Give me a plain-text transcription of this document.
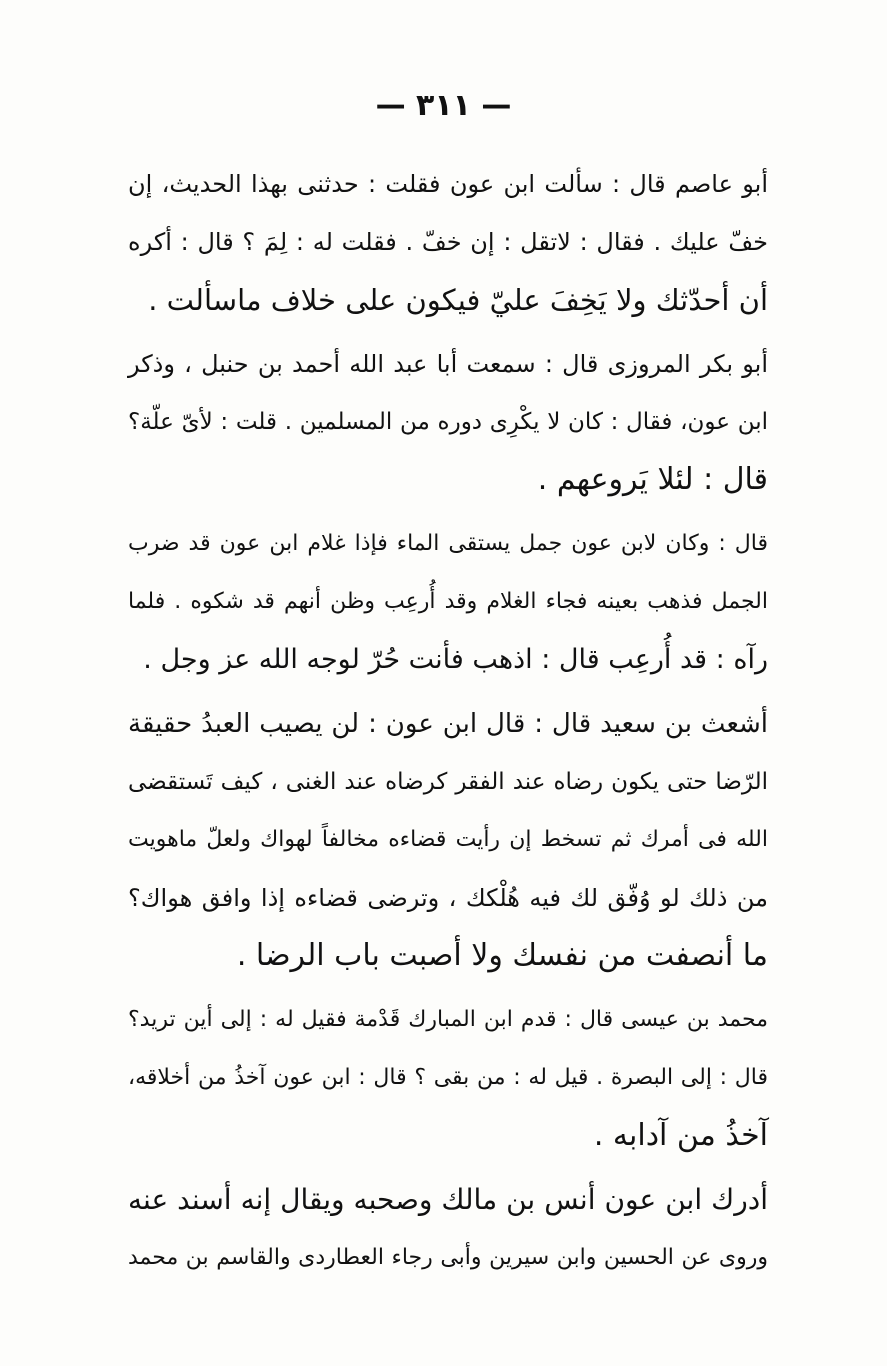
— ٣١١ —

أبو عاصم قال : سألت ابن عون فقلت : حدثنى بهذا الحديث، إن
خفّ عليك . فقال : لاتقل : إن خفّ . فقلت له : لِمَ ؟ قال : أكره
أن أحدّثك ولا يَخِفَ عليّ فيكون على خلاف ماسألت .

أبو بكر المروزى قال : سمعت أبا عبد الله أحمد بن حنبل ، وذكر
ابن عون، فقال : كان لا يكْرِى دوره من المسلمين . قلت : لأىّ علّة؟
قال : لئلا يَروعهم .

قال : وكان لابن عون جمل يستقى الماء فإذا غلام ابن عون قد ضرب
الجمل فذهب بعينه فجاء الغلام وقد أُرعِب وظن أنهم قد شكوه . فلما
رآه : قد أُرعِب قال : اذهب فأنت حُرّ لوجه الله عز وجل .

أشعث بن سعيد قال : قال ابن عون : لن يصيب العبدُ حقيقة
الرّضا حتى يكون رضاه عند الفقر كرضاه عند الغنى ، كيف تَستقضى
الله فى أمرك ثم تسخط إن رأيت قضاءه مخالفاً لهواك ولعلّ ماهويت
من ذلك لو وُفّق لك فيه هُلْكك ، وترضى قضاءه إذا وافق هواك؟
ما أنصفت من نفسك ولا أصبت باب الرضا .

محمد بن عيسى قال : قدم ابن المبارك قَدْمة فقيل له : إلى أين تريد؟
قال : إلى البصرة . قيل له : من بقى ؟ قال : ابن عون آخذُ من أخلاقه،
آخذُ من آدابه .

أدرك ابن عون أنس بن مالك وصحبه ويقال إنه أسند عنه
وروى عن الحسين وابن سيرين وأبى رجاء العطاردى والقاسم بن محمد
